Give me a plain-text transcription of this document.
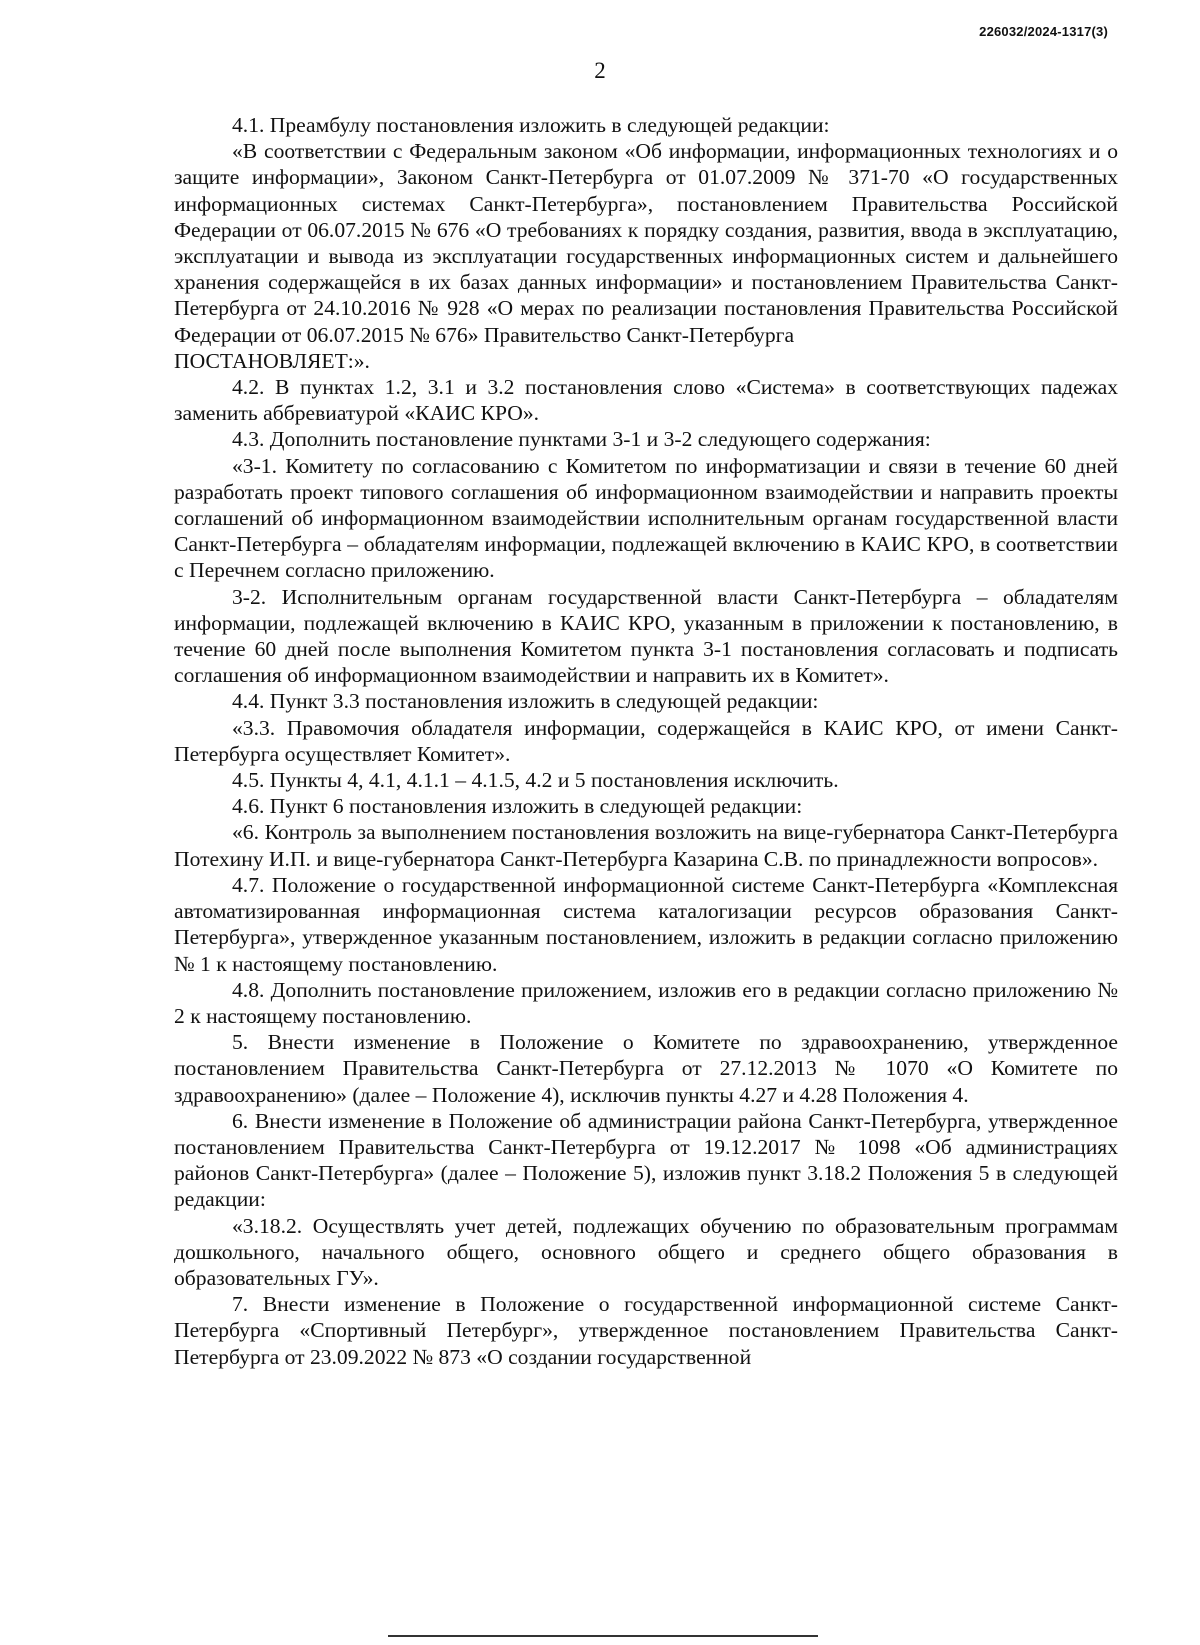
226032/2024-1317(3)
2

4.1. Преамбулу постановления изложить в следующей редакции:

«В соответствии с Федеральным законом «Об информации, информационных технологиях и о защите информации», Законом Санкт-Петербурга от 01.07.2009 № 371-70 «О государственных информационных системах Санкт-Петербурга», постановлением Правительства Российской Федерации от 06.07.2015 № 676 «О требованиях к порядку создания, развития, ввода в эксплуатацию, эксплуатации и вывода из эксплуатации государственных информационных систем и дальнейшего хранения содержащейся в их базах данных информации» и постановлением Правительства Санкт-Петербурга от 24.10.2016 № 928 «О мерах по реализации постановления Правительства Российской Федерации от 06.07.2015 № 676» Правительство Санкт-Петербурга

ПОСТАНОВЛЯЕТ:».

4.2. В пунктах 1.2, 3.1 и 3.2 постановления слово «Система» в соответствующих падежах заменить аббревиатурой «КАИС КРО».

4.3. Дополнить постановление пунктами 3-1 и 3-2 следующего содержания:

«3-1. Комитету по согласованию с Комитетом по информатизации и связи в течение 60 дней разработать проект типового соглашения об информационном взаимодействии и направить проекты соглашений об информационном взаимодействии исполнительным органам государственной власти Санкт-Петербурга – обладателям информации, подлежащей включению в КАИС КРО, в соответствии с Перечнем согласно приложению.

3-2. Исполнительным органам государственной власти Санкт-Петербурга – обладателям информации, подлежащей включению в КАИС КРО, указанным в приложении к постановлению, в течение 60 дней после выполнения Комитетом пункта 3-1 постановления согласовать и подписать соглашения об информационном взаимодействии и направить их в Комитет».

4.4. Пункт 3.3 постановления изложить в следующей редакции:

«3.3. Правомочия обладателя информации, содержащейся в КАИС КРО, от имени Санкт-Петербурга осуществляет Комитет».

4.5. Пункты 4, 4.1, 4.1.1 – 4.1.5, 4.2 и 5 постановления исключить.

4.6. Пункт 6 постановления изложить в следующей редакции:

«6. Контроль за выполнением постановления возложить на вице-губернатора Санкт-Петербурга Потехину И.П. и вице-губернатора Санкт-Петербурга Казарина С.В. по принадлежности вопросов».

4.7. Положение о государственной информационной системе Санкт-Петербурга «Комплексная автоматизированная информационная система каталогизации ресурсов образования Санкт-Петербурга», утвержденное указанным постановлением, изложить в редакции согласно приложению № 1 к настоящему постановлению.

4.8. Дополнить постановление приложением, изложив его в редакции согласно приложению № 2 к настоящему постановлению.

5. Внести изменение в Положение о Комитете по здравоохранению, утвержденное постановлением Правительства Санкт-Петербурга от 27.12.2013 № 1070 «О Комитете по здравоохранению» (далее – Положение 4), исключив пункты 4.27 и 4.28 Положения 4.

6. Внести изменение в Положение об администрации района Санкт-Петербурга, утвержденное постановлением Правительства Санкт-Петербурга от 19.12.2017 № 1098 «Об администрациях районов Санкт-Петербурга» (далее – Положение 5), изложив пункт 3.18.2 Положения 5 в следующей редакции:

«3.18.2. Осуществлять учет детей, подлежащих обучению по образовательным программам дошкольного, начального общего, основного общего и среднего общего образования в образовательных ГУ».

7. Внести изменение в Положение о государственной информационной системе Санкт-Петербурга «Спортивный Петербург», утвержденное постановлением Правительства Санкт-Петербурга от 23.09.2022 № 873 «О создании государственной
